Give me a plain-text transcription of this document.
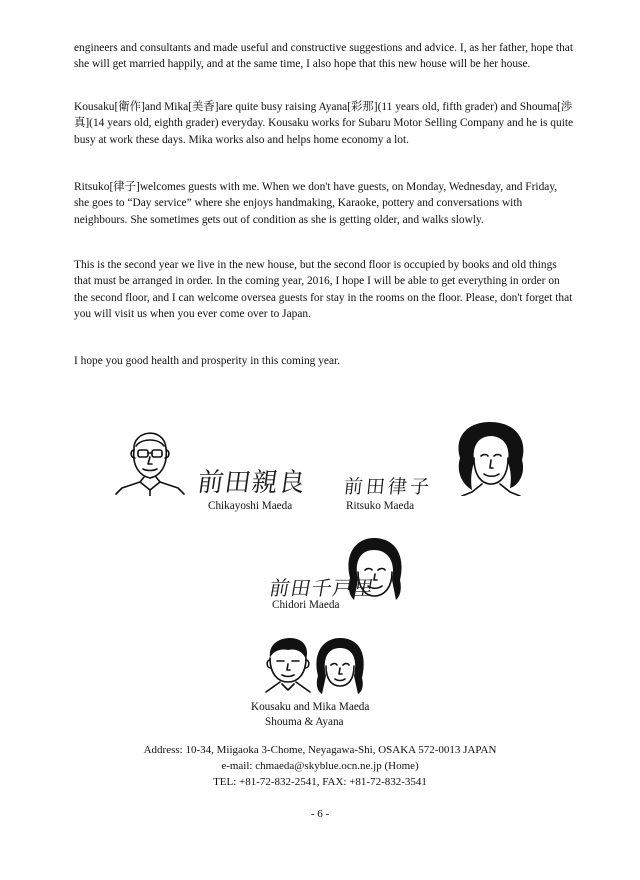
engineers and consultants and made useful and constructive suggestions and advice. I, as her father, hope that she will get married happily, and at the same time, I also hope that this new house will be her house.

Kousaku[衛作]and Mika[美香]are quite busy raising Ayana[彩那](11 years old, fifth grader) and Shouma[渉真](14 years old, eighth grader) everyday. Kousaku works for Subaru Motor Selling Company and he is quite busy at work these days. Mika works also and helps home economy a lot.

Ritsuko[律子]welcomes guests with me. When we don't have guests, on Monday, Wednesday, and Friday, she goes to “Day service” where she enjoys handmaking, Karaoke, pottery and conversations with neighbours. She sometimes gets out of condition as she is getting older, and walks slowly.

This is the second year we live in the new house, but the second floor is occupied by books and old things that must be arranged in order. In the coming year, 2016, I hope I will be able to get everything in order on the second floor, and I can welcome oversea guests for stay in the rooms on the floor. Please, don't forget that you will visit us when you ever come over to Japan.

I hope you good health and prosperity in this coming year.

前田親良 前田律子
Chikayoshi Maeda	Ritsuko Maeda
前田千戸里
Chidori Maeda
Kousaku and Mika Maeda
Shouma & Ayana
Address: 10-34, Miigaoka 3-Chome, Neyagawa-Shi, OSAKA 572-0013 JAPAN
e-mail: chmaeda@skyblue.ocn.ne.jp (Home)
TEL: +81-72-832-2541, FAX: +81-72-832-3541
- 6 -
